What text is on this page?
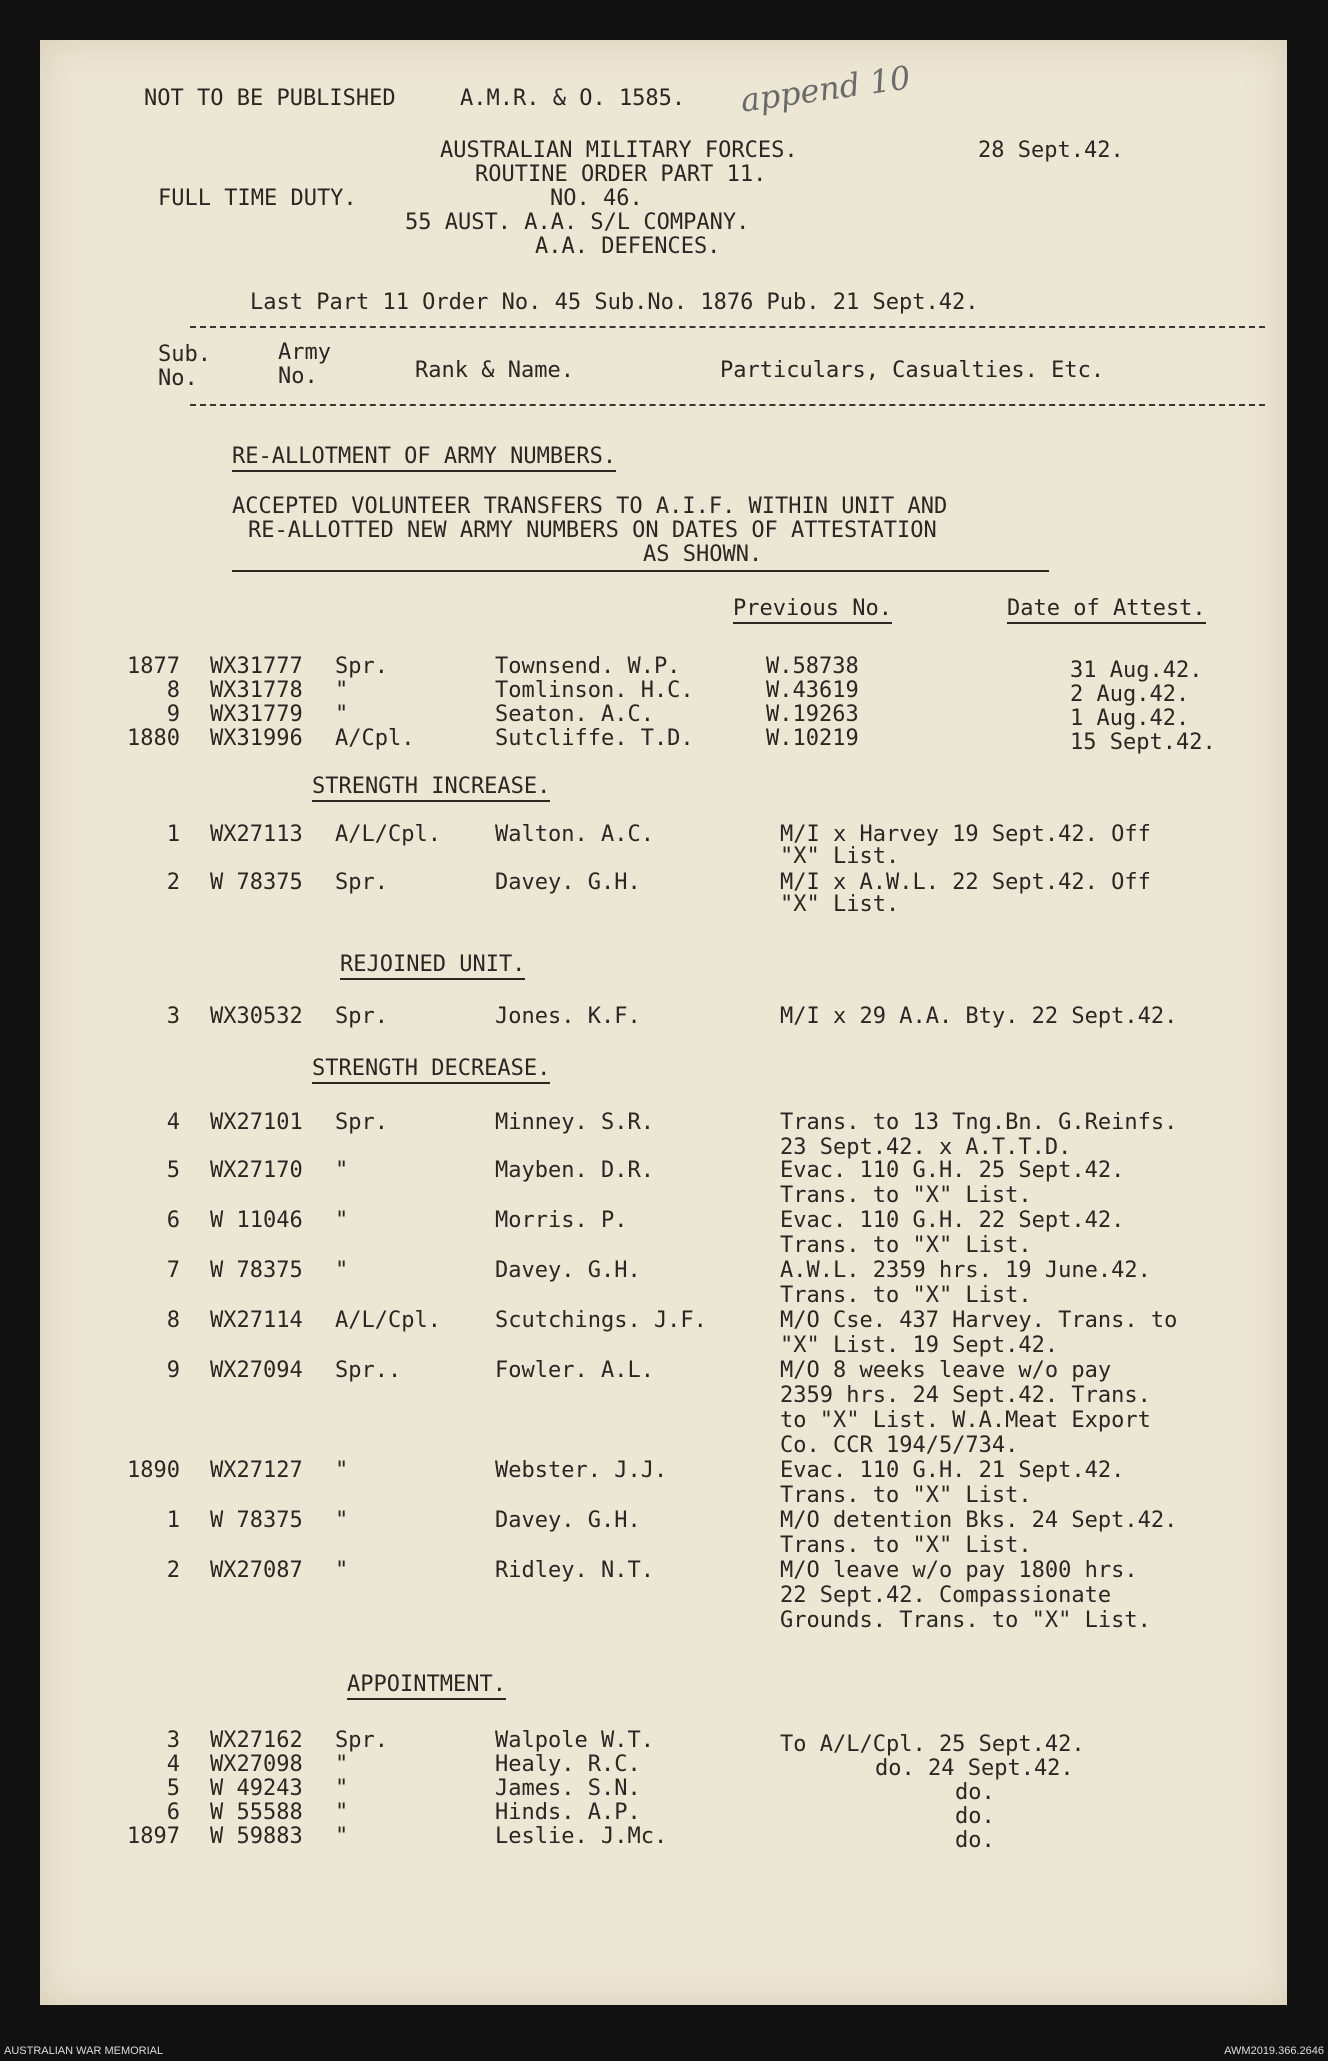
NOT TO BE PUBLISHED	A.M.R. & O. 1585. append 10
AUSTRALIAN MILITARY FORCES.	28 Sept.42.
ROUTINE ORDER PART 11.
FULL TIME DUTY.	NO. 46.
55 AUST. A.A. S/L COMPANY.
A.A. DEFENCES.
Last Part 11 Order No. 45 Sub.No. 1876 Pub. 21 Sept.42.
Sub.
No.
Army
No.	Rank & Name.	Particulars, Casualties. Etc.
RE-ALLOTMENT OF ARMY NUMBERS.
ACCEPTED VOLUNTEER TRANSFERS TO A.I.F. WITHIN UNIT AND
RE-ALLOTTED NEW ARMY NUMBERS ON DATES OF ATTESTATION
AS SHOWN.
Previous No.	Date of Attest.
1877 WX31777 Spr.	Townsend. W.P.	W.58738	31 Aug.42.
8 WX31778 "	Tomlinson. H.C.	W.43619	2 Aug.42.
9 WX31779 "	Seaton. A.C.	W.19263	1 Aug.42.
1880 WX31996 A/Cpl.	Sutcliffe. T.D.	W.10219	15 Sept.42.
STRENGTH INCREASE.
1 WX27113 A/L/Cpl. Walton. A.C.	M/I x Harvey 19 Sept.42. Off
"X" List.
2 W 78375 Spr.	Davey. G.H.	M/I x A.W.L. 22 Sept.42. Off
"X" List.
REJOINED UNIT.
3 WX30532 Spr.	Jones. K.F.	M/I x 29 A.A. Bty. 22 Sept.42.
STRENGTH DECREASE.
4 WX27101 Spr.	Minney. S.R.	Trans. to 13 Tng.Bn. G.Reinfs.
23 Sept.42. x A.T.T.D.
5 WX27170 "	Mayben. D.R.	Evac. 110 G.H. 25 Sept.42.
Trans. to "X" List.
6 W 11046 "	Morris. P.	Evac. 110 G.H. 22 Sept.42.
Trans. to "X" List.
7 W 78375 "	Davey. G.H.	A.W.L. 2359 hrs. 19 June.42.
Trans. to "X" List.
8 WX27114 A/L/Cpl. Scutchings. J.F.	M/O Cse. 437 Harvey. Trans. to
"X" List. 19 Sept.42.
9 WX27094 Spr..	Fowler. A.L.	M/O 8 weeks leave w/o pay
2359 hrs. 24 Sept.42. Trans.
to "X" List. W.A.Meat Export
Co. CCR 194/5/734.
1890 WX27127 "	Webster. J.J.	Evac. 110 G.H. 21 Sept.42.
Trans. to "X" List.
1 W 78375 "	Davey. G.H.	M/O detention Bks. 24 Sept.42.
Trans. to "X" List.
2 WX27087 "	Ridley. N.T.	M/O leave w/o pay 1800 hrs.
22 Sept.42. Compassionate
Grounds. Trans. to "X" List.
APPOINTMENT.
3 WX27162 Spr.	Walpole W.T.	To A/L/Cpl. 25 Sept.42.
4 WX27098 "	Healy. R.C.	do. 24 Sept.42.
5 W 49243 "	James. S.N.	do.
6 W 55588 "	Hinds. A.P.	do.
1897 W 59883 "	Leslie. J.Mc.	do.
AUSTRALIAN WAR MEMORIAL	AWM2019.366.2646
